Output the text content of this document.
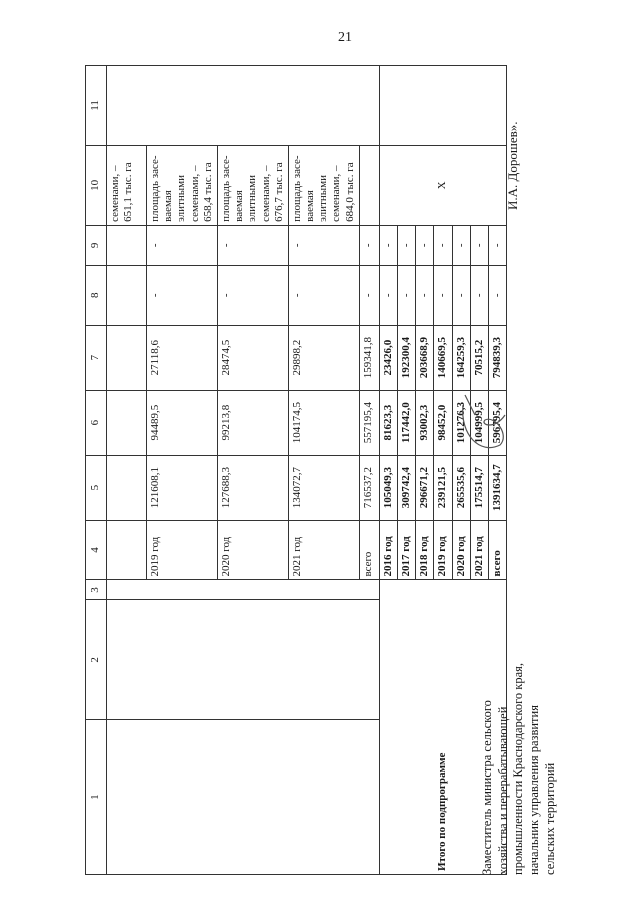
21
1	2	3	4	5	6	7	8	9	10	11
									семенами, – 651,1 тыс. га	
			2019 год	121608,1	94489,5	27118,6	-	-	площадь засе-ваемая элитными семенами, – 658,4 тыс. га	
			2020 год	127688,3	99213,8	28474,5	-	-	площадь засе-ваемая элитными семенами, – 676,7 тыс. га	
			2021 год	134072,7	104174,5	29898,2	-	-	площадь засе-ваемая элитными семенами, – 684,0 тыс. га	
			всего	716537,2	557195,4	159341,8	-	-		
Итого по подпрограмме			2016 год	105049,3	81623,3	23426,0	-	-	X	
			2017 год	309742,4	117442,0	192300,4	-	-		
			2018 год	296671,2	93002,3	203668,9	-	-		
			2019 год	239121,5	98452,0	140669,5	-	-		
			2020 год	265535,6	101276,3	164259,3	-	-		
			2021 год	175514,7	104999,5	70515,2	-	-		
			всего	1391634,7	596795,4	794839,3	-	-		
Заместитель министра сельского хозяйства и перерабатывающей промышленности Краснодарского края, начальник управления развития сельских территорий
И.А. Дорошев».
